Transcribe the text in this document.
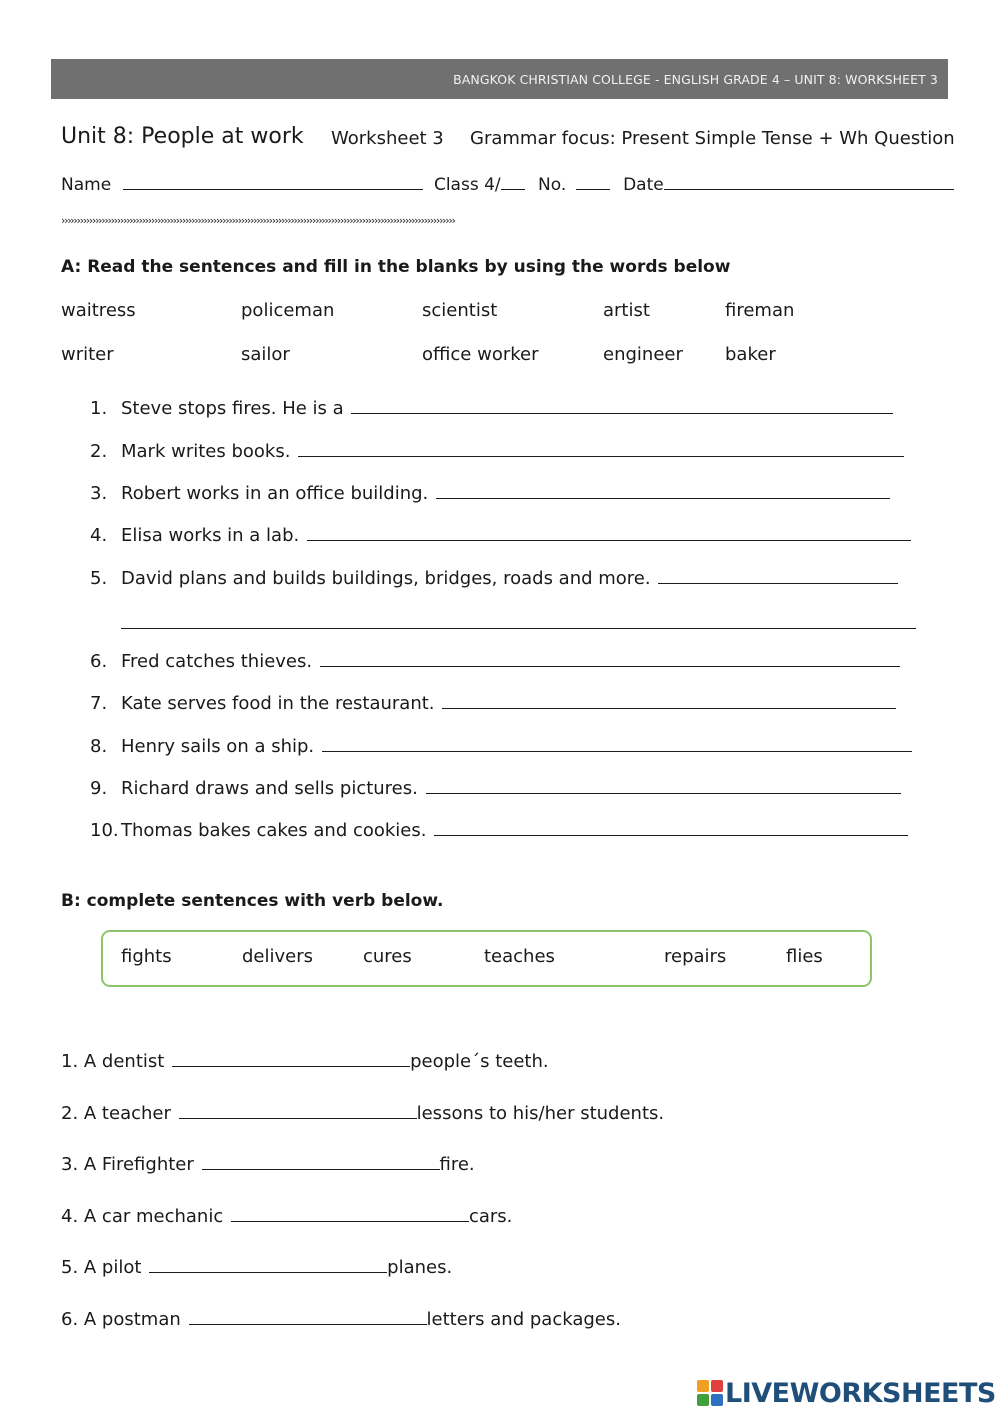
BANGKOK CHRISTIAN COLLEGE - ENGLISH GRADE 4 – UNIT 8: WORKSHEET 3
Unit 8: People at work Worksheet 3 Grammar focus: Present Simple Tense + Wh Question
Name	Class 4/ No.	Date
›››››››››››››››››››››››››››››››››››››››››››››››››››››››››››››››››››››››››››››››››››››››››››››››››››››››››››››››››››››››››››››››
A: Read the sentences and fill in the blanks by using the words below
waitress	policeman	scientist	artist	fireman
writer	sailor	office worker	engineer baker
1. Steve stops fires. He is a
2. Mark writes books.
3. Robert works in an office building.
4. Elisa works in a lab.
5. David plans and builds buildings, bridges, roads and more.
6. Fred catches thieves.
7. Kate serves food in the restaurant.
8. Henry sails on a ship.
9. Richard draws and sells pictures.
10. Thomas bakes cakes and cookies.
B: complete sentences with verb below.
fights	delivers	cures	teaches	repairs	flies
1. A dentist	people´s teeth.
2. A teacher	lessons to his/her students.
3. A Firefighter	fire.
4. A car mechanic	cars.
5. A pilot	planes.
6. A postman	letters and packages.
LIVEWORKSHEETS
